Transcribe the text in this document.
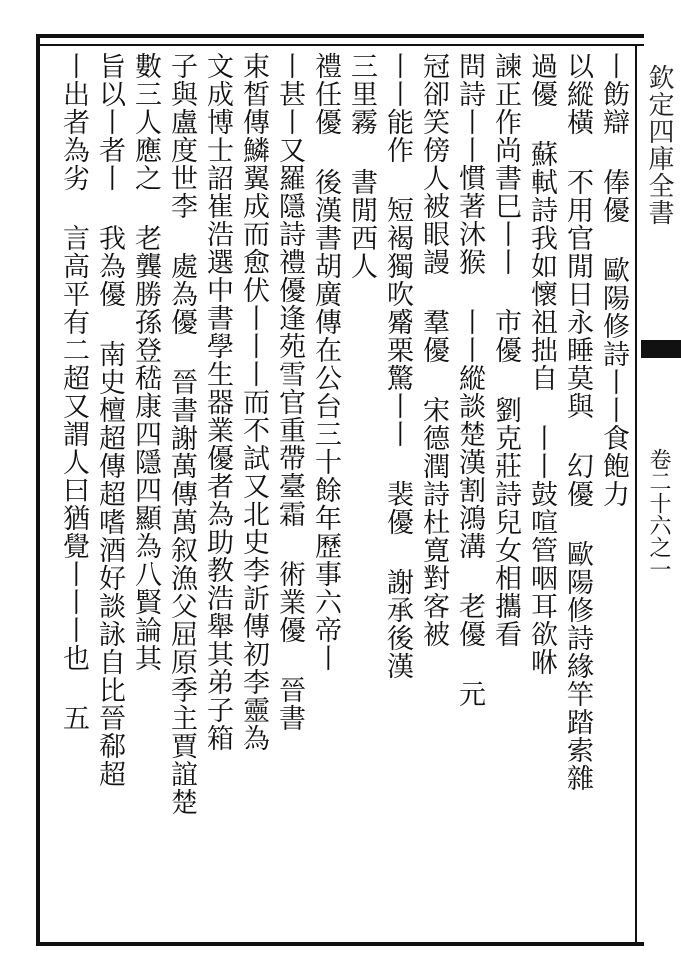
欽定四庫全書
卷二十六之一
丨飭辯 俸優 歐陽修詩丨丨食飽力
以縱橫 不用官閒日永睡莫與 幻優 歐陽修詩緣竿踏索雜
過優 蘇軾詩我如懷祖拙自 丨丨鼓喧管咽耳欲咻
諫正作尚書巳丨丨 市優 劉克莊詩兒女相攜看
問詩丨丨慣著沐猴 丨丨縱談楚漢割鴻溝 老優 元
冠卻笑傍人被眼謾 羣優 宋德潤詩杜寛對客被
丨丨能作 短褐獨吹觱栗驚丨丨 裴優 謝承後漢
三里霧 書閒西人
禮任優 後漢書胡廣傳在公台三十餘年歷事六帝丨
丨甚丨又羅隱詩禮優逢苑雪官重帶臺霜 術業優 晉書
束皙傳鱗翼成而愈伏丨丨丨而不試又北史李訢傳初李靈為
文成博士詔崔浩選中書學生器業優者為助教浩舉其弟子箱
子與盧度世李 處為優 晉書謝萬傳萬叙漁父屈原季主賈誼楚
數三人應之 老龔勝孫登嵇康四隱四顯為八賢論其
旨以丨者丨 我為優 南史檀超傳超嗜酒好談詠自比晉郗超
丨出者為劣 言高平有二超又謂人曰猶覺丨丨丨也 五
